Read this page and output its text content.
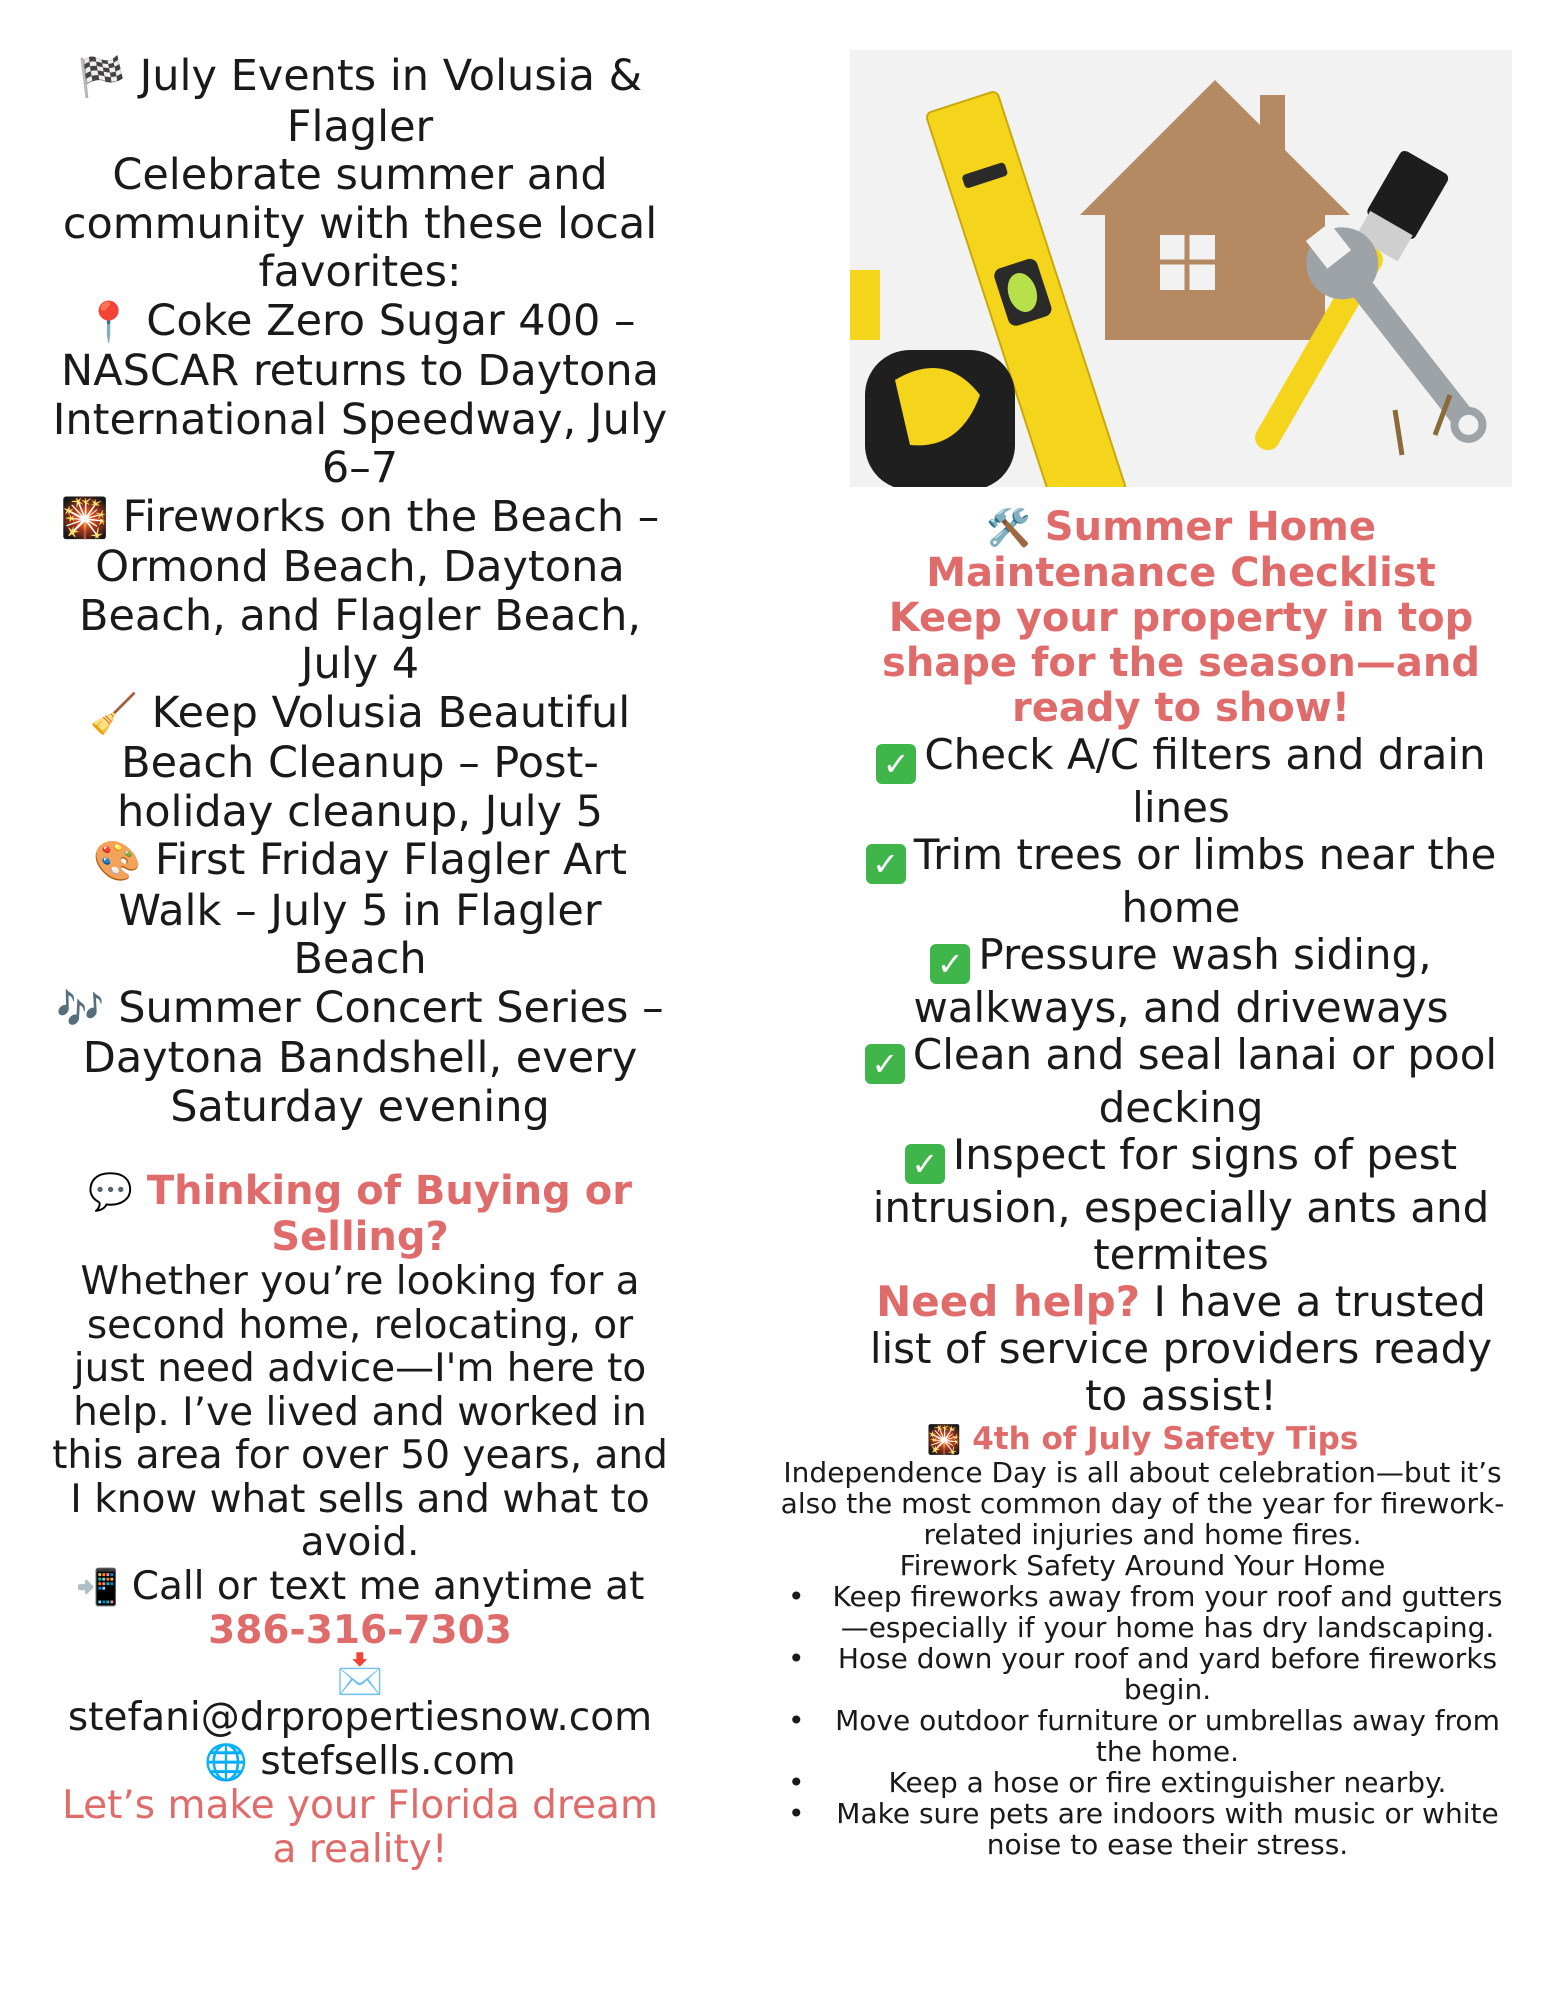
🏁 July Events in Volusia & Flagler
Celebrate summer and community with these local favorites:
📍 Coke Zero Sugar 400 – NASCAR returns to Daytona International Speedway, July 6–7
🎇 Fireworks on the Beach – Ormond Beach, Daytona Beach, and Flagler Beach, July 4
🧹 Keep Volusia Beautiful Beach Cleanup – Post-holiday cleanup, July 5
🎨 First Friday Flagler Art Walk – July 5 in Flagler Beach
🎶 Summer Concert Series – Daytona Bandshell, every Saturday evening
💬 Thinking of Buying or Selling?
Whether you’re looking for a second home, relocating, or just need advice—I'm here to help. I’ve lived and worked in this area for over 50 years, and I know what sells and what to avoid.
📲 Call or text me anytime at
386-316-7303
📩
stefani@drpropertiesnow.com
🌐 stefsells.com
Let’s make your Florida dream a reality!
🛠️ Summer Home Maintenance Checklist
Keep your property in top shape for the season—and ready to show!
✓ Check A/C filters and drain lines
✓ Trim trees or limbs near the home
✓ Pressure wash siding, walkways, and driveways
✓ Clean and seal lanai or pool decking
✓ Inspect for signs of pest intrusion, especially ants and termites
Need help? I have a trusted list of service providers ready to assist!
🎇 4th of July Safety Tips
Independence Day is all about celebration—but it’s also the most common day of the year for firework-related injuries and home fires.
Firework Safety Around Your Home
• Keep fireworks away from your roof and gutters—especially if your home has dry landscaping.
• Hose down your roof and yard before fireworks begin.
• Move outdoor furniture or umbrellas away from the home.
•	Keep a hose or fire extinguisher nearby.
• Make sure pets are indoors with music or white noise to ease their stress.
